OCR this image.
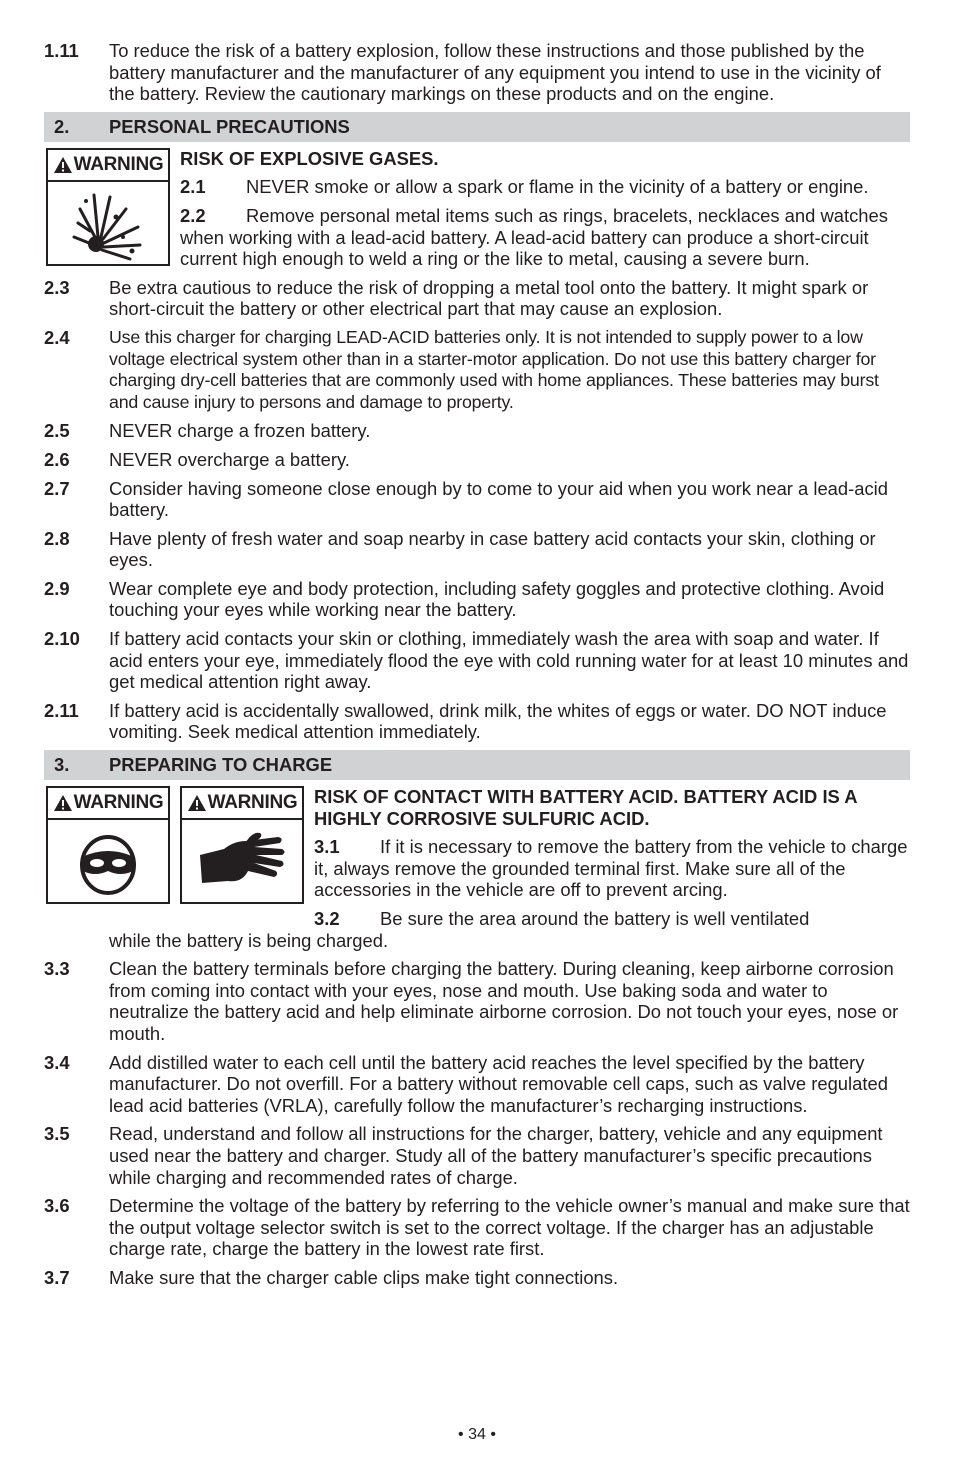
1.11	To reduce the risk of a battery explosion, follow these instructions and those published by the battery manufacturer and the manufacturer of any equipment you intend to use in the vicinity of the battery. Review the cautionary markings on these products and on the engine.
2.	PERSONAL PRECAUTIONS
WARNING RISK OF EXPLOSIVE GASES.
2.1 NEVER smoke or allow a spark or flame in the vicinity of a battery or engine.
2.2 Remove personal metal items such as rings, bracelets, necklaces and watches when working with a lead-acid battery. A lead-acid battery can produce a short-circuit current high enough to weld a ring or the like to metal, causing a severe burn.
2.3	Be extra cautious to reduce the risk of dropping a metal tool onto the battery. It might spark or short-circuit the battery or other electrical part that may cause an explosion.
2.4	Use this charger for charging LEAD-ACID batteries only. It is not intended to supply power to a low voltage electrical system other than in a starter-motor application. Do not use this battery charger for charging dry-cell batteries that are commonly used with home appliances. These batteries may burst and cause injury to persons and damage to property.
2.5	NEVER charge a frozen battery.
2.6	NEVER overcharge a battery.
2.7	Consider having someone close enough by to come to your aid when you work near a lead-acid battery.
2.8	Have plenty of fresh water and soap nearby in case battery acid contacts your skin, clothing or eyes.
2.9	Wear complete eye and body protection, including safety goggles and protective clothing. Avoid touching your eyes while working near the battery.
2.10	If battery acid contacts your skin or clothing, immediately wash the area with soap and water. If acid enters your eye, immediately flood the eye with cold running water for at least 10 minutes and get medical attention right away.
2.11	If battery acid is accidentally swallowed, drink milk, the whites of eggs or water. DO NOT induce vomiting. Seek medical attention immediately.
3.	PREPARING TO CHARGE
WARNING WARNING RISK OF CONTACT WITH BATTERY ACID. BATTERY ACID IS A HIGHLY CORROSIVE SULFURIC ACID.
3.1 If it is necessary to remove the battery from the vehicle to charge it, always remove the grounded terminal first. Make sure all of the accessories in the vehicle are off to prevent arcing.
3.2 Be sure the area around the battery is well ventilated
while the battery is being charged.
3.3	Clean the battery terminals before charging the battery. During cleaning, keep airborne corrosion from coming into contact with your eyes, nose and mouth. Use baking soda and water to neutralize the battery acid and help eliminate airborne corrosion. Do not touch your eyes, nose or mouth.
3.4	Add distilled water to each cell until the battery acid reaches the level specified by the battery manufacturer. Do not overfill. For a battery without removable cell caps, such as valve regulated lead acid batteries (VRLA), carefully follow the manufacturer’s recharging instructions.
3.5	Read, understand and follow all instructions for the charger, battery, vehicle and any equipment used near the battery and charger. Study all of the battery manufacturer’s specific precautions while charging and recommended rates of charge.
3.6	Determine the voltage of the battery by referring to the vehicle owner’s manual and make sure that the output voltage selector switch is set to the correct voltage. If the charger has an adjustable charge rate, charge the battery in the lowest rate first.
3.7	Make sure that the charger cable clips make tight connections.
• 34 •
